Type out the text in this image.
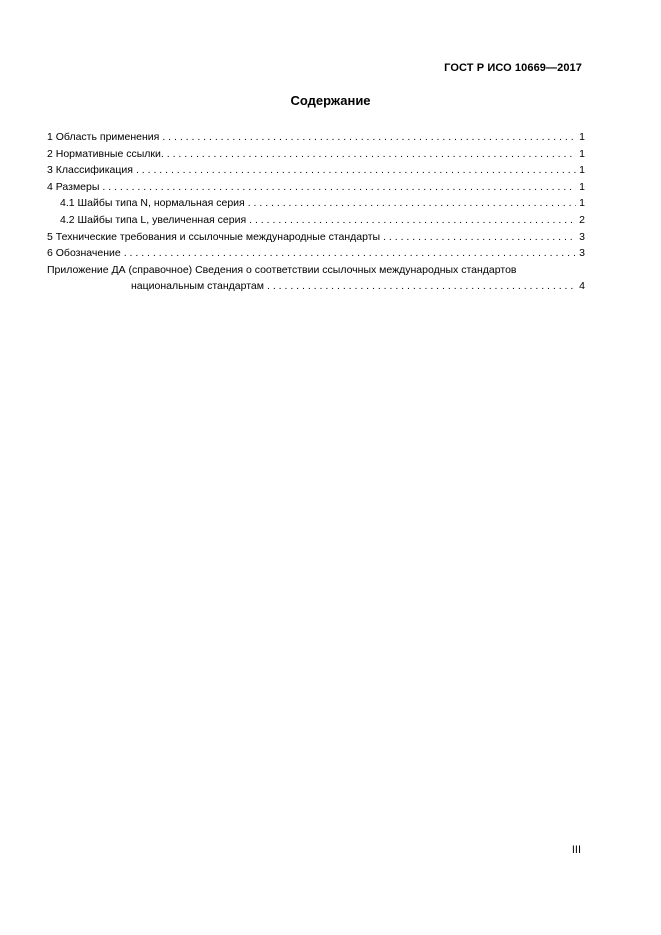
ГОСТ Р ИСО 10669—2017
Содержание
1 Область применения . . .	1
2 Нормативные ссылки. . . .	1
3 Классификация . . .	1
4 Размеры . . .	1
4.1 Шайбы типа N, нормальная серия . . .	1
4.2 Шайбы типа L, увеличенная серия . . .	2
5 Технические требования и ссылочные международные стандарты . . .	3
6 Обозначение . . .	3
Приложение ДА (справочное) Сведения о соответствии ссылочных международных стандартов
национальным стандартам . . .	4
III
